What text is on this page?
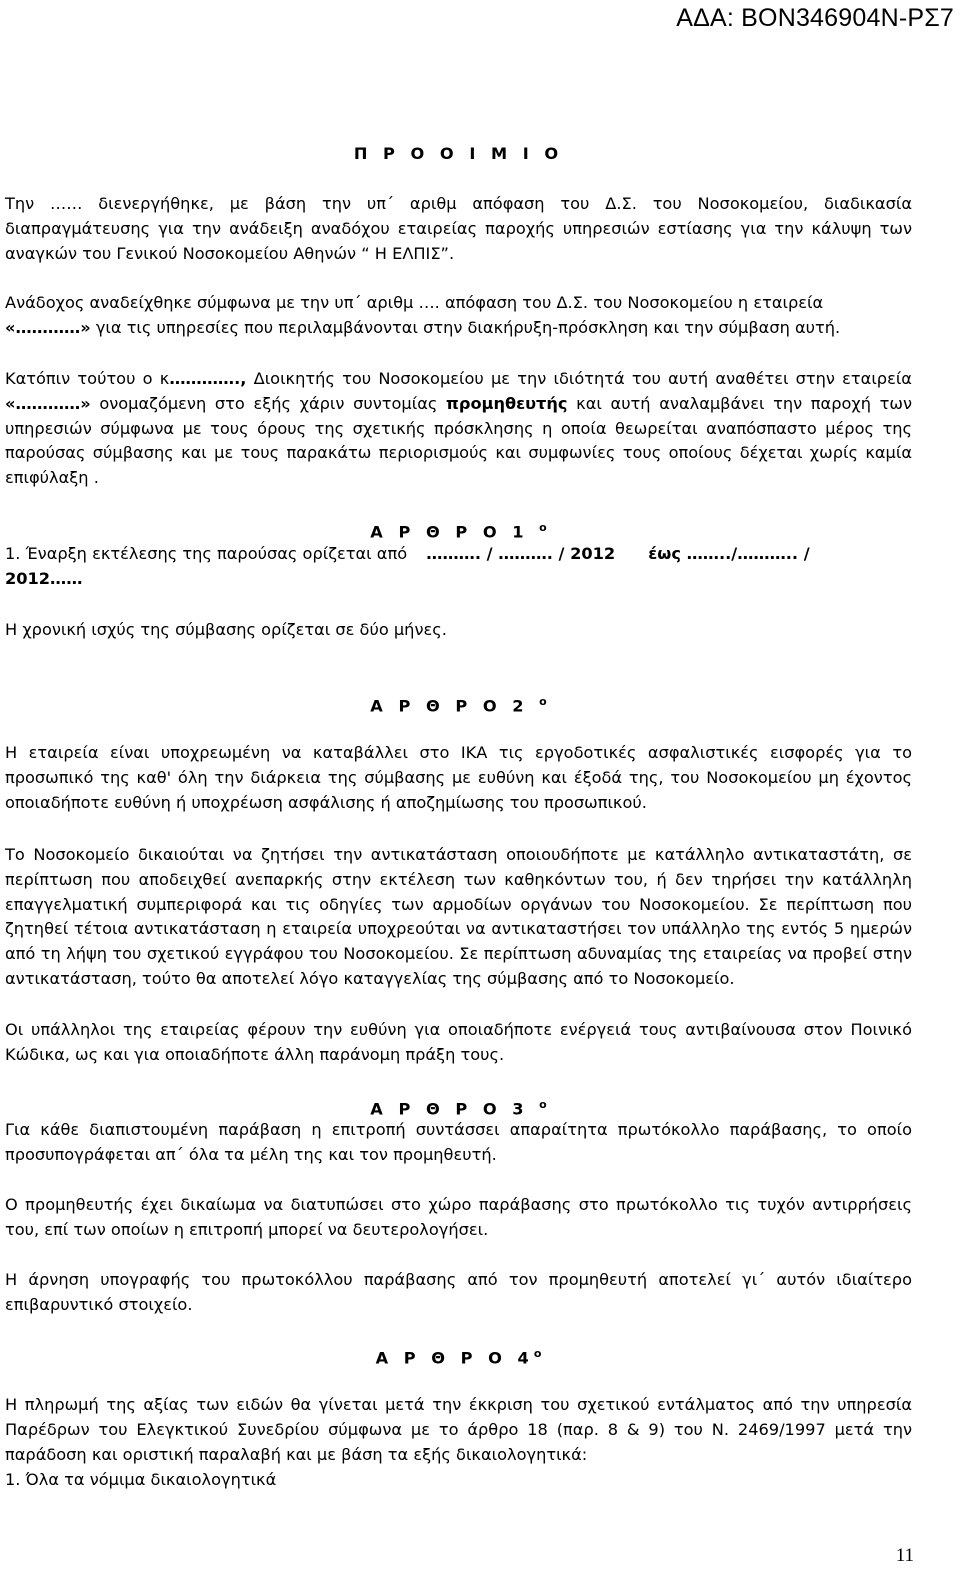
ΑΔΑ: ΒΟΝ346904Ν-ΡΣ7
Π Ρ Ο Ο Ι Μ Ι Ο
Την …… διενεργήθηκε, με βάση την υπ΄ αριθμ απόφαση του Δ.Σ. του Νοσοκομείου, διαδικασία διαπραγμάτευσης για την ανάδειξη αναδόχου εταιρείας παροχής υπηρεσιών εστίασης για την κάλυψη των αναγκών του Γενικού Νοσοκομείου Αθηνών “ Η ΕΛΠΙΣ”.
Ανάδοχος αναδείχθηκε σύμφωνα με την υπ΄ αριθμ …. απόφαση του Δ.Σ. του Νοσοκομείου η εταιρεία
«…………» για τις υπηρεσίες που περιλαμβάνονται στην διακήρυξη-πρόσκληση και την σύμβαση αυτή.
Κατόπιν τούτου ο κ…………., Διοικητής του Νοσοκομείου με την ιδιότητά του αυτή αναθέτει στην εταιρεία «…………» ονομαζόμενη στο εξής χάριν συντομίας προμηθευτής και αυτή αναλαμβάνει την παροχή των υπηρεσιών σύμφωνα με τους όρους της σχετικής πρόσκλησης η οποία θεωρείται αναπόσπαστο μέρος της παρούσας σύμβασης και με τους παρακάτω περιορισμούς και συμφωνίες τους οποίους δέχεται χωρίς καμία επιφύλαξη .
Α Ρ Θ Ρ Ο 1 $^o$
1. Έναρξη εκτέλεσης της παρούσας ορίζεται από ………. / ………. / 2012 έως ……../……….. /
2012……
Η χρονική ισχύς της σύμβασης ορίζεται σε δύο μήνες.
Α Ρ Θ Ρ Ο 2 $^o$
Η εταιρεία είναι υποχρεωμένη να καταβάλλει στο ΙΚΑ τις εργοδοτικές ασφαλιστικές εισφορές για το προσωπικό της καθ' όλη την διάρκεια της σύμβασης με ευθύνη και έξοδά της, του Νοσοκομείου μη έχοντος οποιαδήποτε ευθύνη ή υποχρέωση ασφάλισης ή αποζημίωσης του προσωπικού.
Το Νοσοκομείο δικαιούται να ζητήσει την αντικατάσταση οποιουδήποτε με κατάλληλο αντικαταστάτη, σε περίπτωση που αποδειχθεί ανεπαρκής στην εκτέλεση των καθηκόντων του, ή δεν τηρήσει την κατάλληλη επαγγελματική συμπεριφορά και τις οδηγίες των αρμοδίων οργάνων του Νοσοκομείου. Σε περίπτωση που ζητηθεί τέτοια αντικατάσταση η εταιρεία υποχρεούται να αντικαταστήσει τον υπάλληλο της εντός 5 ημερών από τη λήψη του σχετικού εγγράφου του Νοσοκομείου. Σε περίπτωση αδυναμίας της εταιρείας να προβεί στην αντικατάσταση, τούτο θα αποτελεί λόγο καταγγελίας της σύμβασης από το Νοσοκομείο.
Οι υπάλληλοι της εταιρείας φέρουν την ευθύνη για οποιαδήποτε ενέργειά τους αντιβαίνουσα στον Ποινικό Κώδικα, ως και για οποιαδήποτε άλλη παράνομη πράξη τους.
Α Ρ Θ Ρ Ο 3 $^o$
Για κάθε διαπιστουμένη παράβαση η επιτροπή συντάσσει απαραίτητα πρωτόκολλο παράβασης, το οποίο προσυπογράφεται απ΄ όλα τα μέλη της και τον προμηθευτή.
Ο προμηθευτής έχει δικαίωμα να διατυπώσει στο χώρο παράβασης στο πρωτόκολλο τις τυχόν αντιρρήσεις του, επί των οποίων η επιτροπή μπορεί να δευτερολογήσει.
Η άρνηση υπογραφής του πρωτοκόλλου παράβασης από τον προμηθευτή αποτελεί γι΄ αυτόν ιδιαίτερο επιβαρυντικό στοιχείο.
Α Ρ Θ Ρ Ο $4^o$
Η πληρωμή της αξίας των ειδών θα γίνεται μετά την έκκριση του σχετικού εντάλματος από την υπηρεσία Παρέδρων του Ελεγκτικού Συνεδρίου σύμφωνα με το άρθρο 18 (παρ. 8 & 9) του Ν. 2469/1997 μετά την παράδοση και οριστική παραλαβή και με βάση τα εξής δικαιολογητικά:
1. Όλα τα νόμιμα δικαιολογητικά
11
